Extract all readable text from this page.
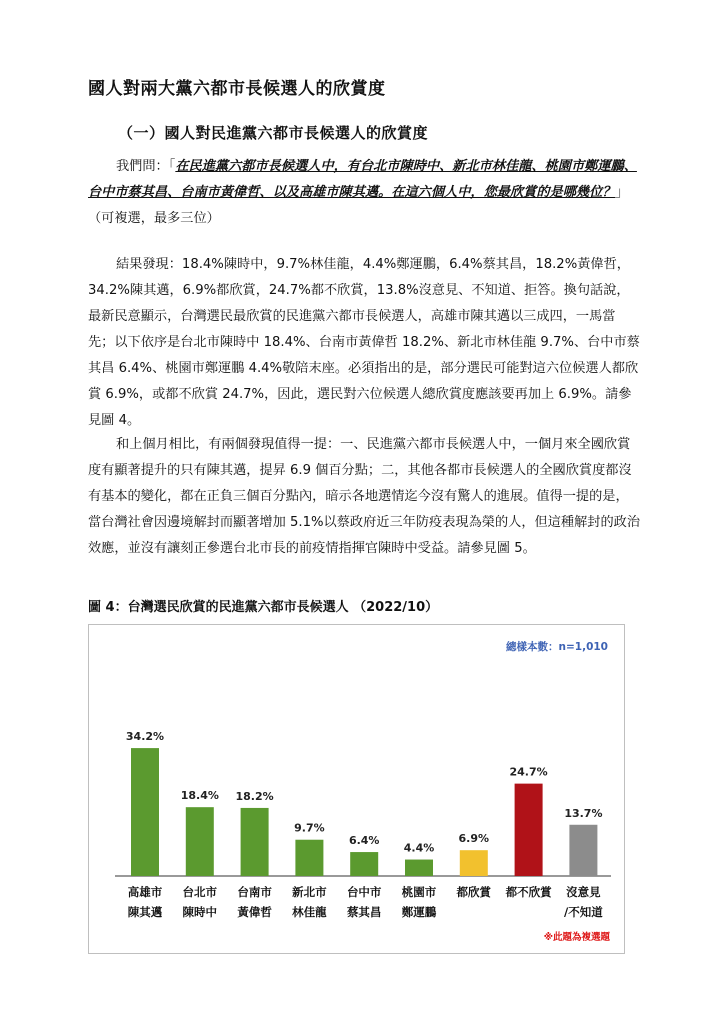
國人對兩大黨六都市長候選人的欣賞度
（一）國人對民進黨六都市長候選人的欣賞度
我們問：「在民進黨六都市長候選人中，有台北市陳時中、新北市林佳龍、桃園市鄭運鵬、台中市蔡其昌、台南市黃偉哲、以及高雄市陳其邁。在這六個人中，您最欣賞的是哪幾位？」（可複選，最多三位）
結果發現：18.4%陳時中，9.7%林佳龍，4.4%鄭運鵬，6.4%蔡其昌，18.2%黃偉哲，34.2%陳其邁，6.9%都欣賞，24.7%都不欣賞，13.8%沒意見、不知道、拒答。換句話說，最新民意顯示，台灣選民最欣賞的民進黨六都市長候選人，高雄市陳其邁以三成四，一馬當先；以下依序是台北市陳時中 18.4%、台南市黃偉哲 18.2%、新北市林佳龍 9.7%、台中市蔡其昌 6.4%、桃園市鄭運鵬 4.4%敬陪末座。必須指出的是，部分選民可能對這六位候選人都欣賞 6.9%，或都不欣賞 24.7%，因此，選民對六位候選人總欣賞度應該要再加上 6.9%。請參見圖 4。
和上個月相比，有兩個發現值得一提：一、民進黨六都市長候選人中，一個月來全國欣賞度有顯著提升的只有陳其邁，提昇 6.9 個百分點；二，其他各都市長候選人的全國欣賞度都沒有基本的變化，都在正負三個百分點內，暗示各地選情迄今沒有驚人的進展。值得一提的是，當台灣社會因邊境解封而顯著增加 5.1%以蔡政府近三年防疫表現為榮的人，但這種解封的政治效應，並沒有讓刻正參選台北市長的前疫情指揮官陳時中受益。請參見圖 5。
圖 4：台灣選民欣賞的民進黨六都市長候選人 （2022/10）
總樣本數：n=1,010
34.2%
高雄市
陳其邁
18.4%
台北市
陳時中
18.2%
台南市
黃偉哲
9.7%
新北市
林佳龍
6.4%
台中市
蔡其昌
4.4%
桃園市
鄭運鵬
6.9%
都欣賞
24.7%
都不欣賞
13.7%
沒意見
/不知道
※此題為複選題
